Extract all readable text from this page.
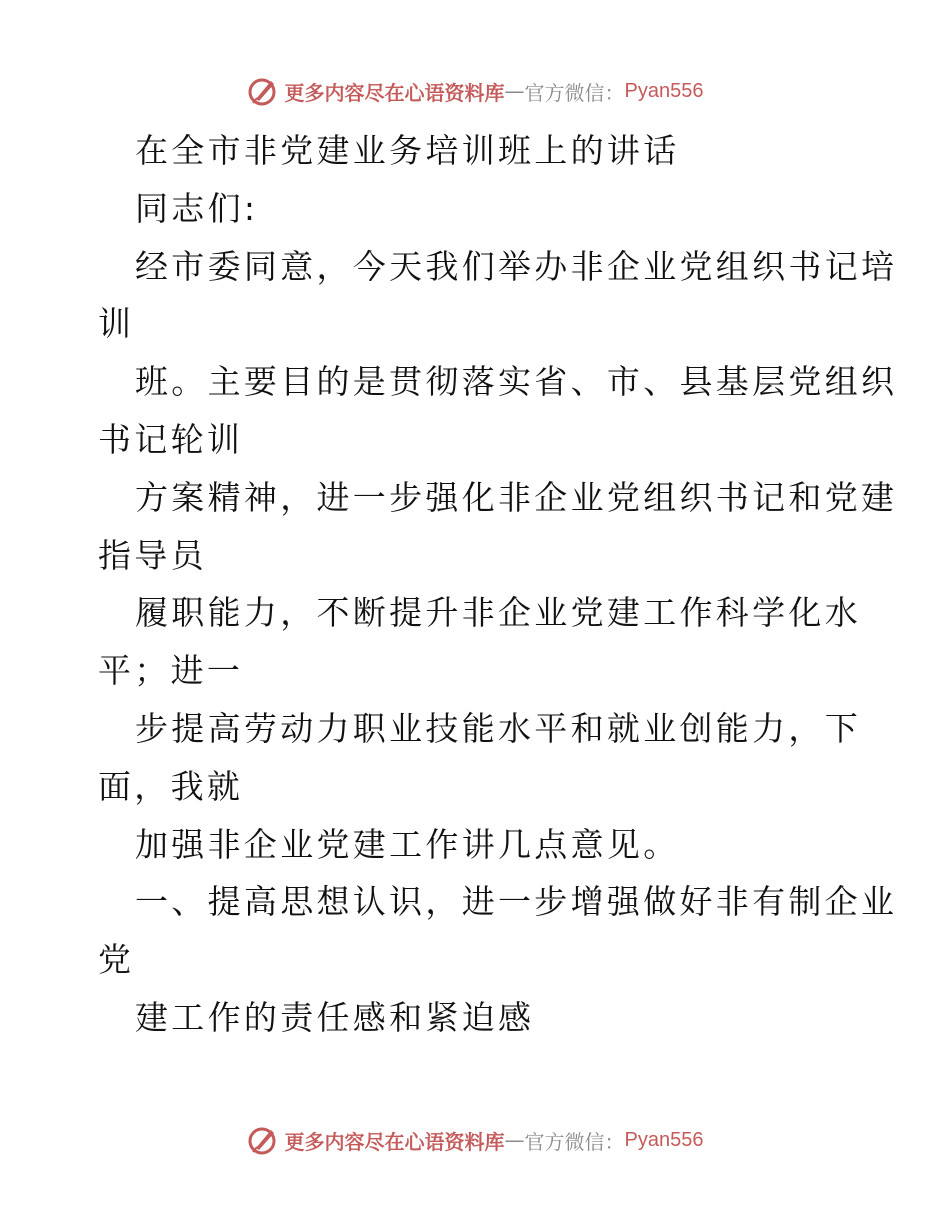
更多内容尽在心语资料库 — 官方微信： Pyan556
在全市非党建业务培训班上的讲话
同志们:
经市委同意，今天我们举办非企业党组织书记培
训
班。主要目的是贯彻落实省、市、县基层党组织
书记轮训
方案精神，进一步强化非企业党组织书记和党建
指导员
履职能力，不断提升非企业党建工作科学化水
平；进一
步提高劳动力职业技能水平和就业创能力，下
面，我就
加强非企业党建工作讲几点意见。
一、提高思想认识，进一步增强做好非有制企业
党
建工作的责任感和紧迫感
更多内容尽在心语资料库 — 官方微信： Pyan556
